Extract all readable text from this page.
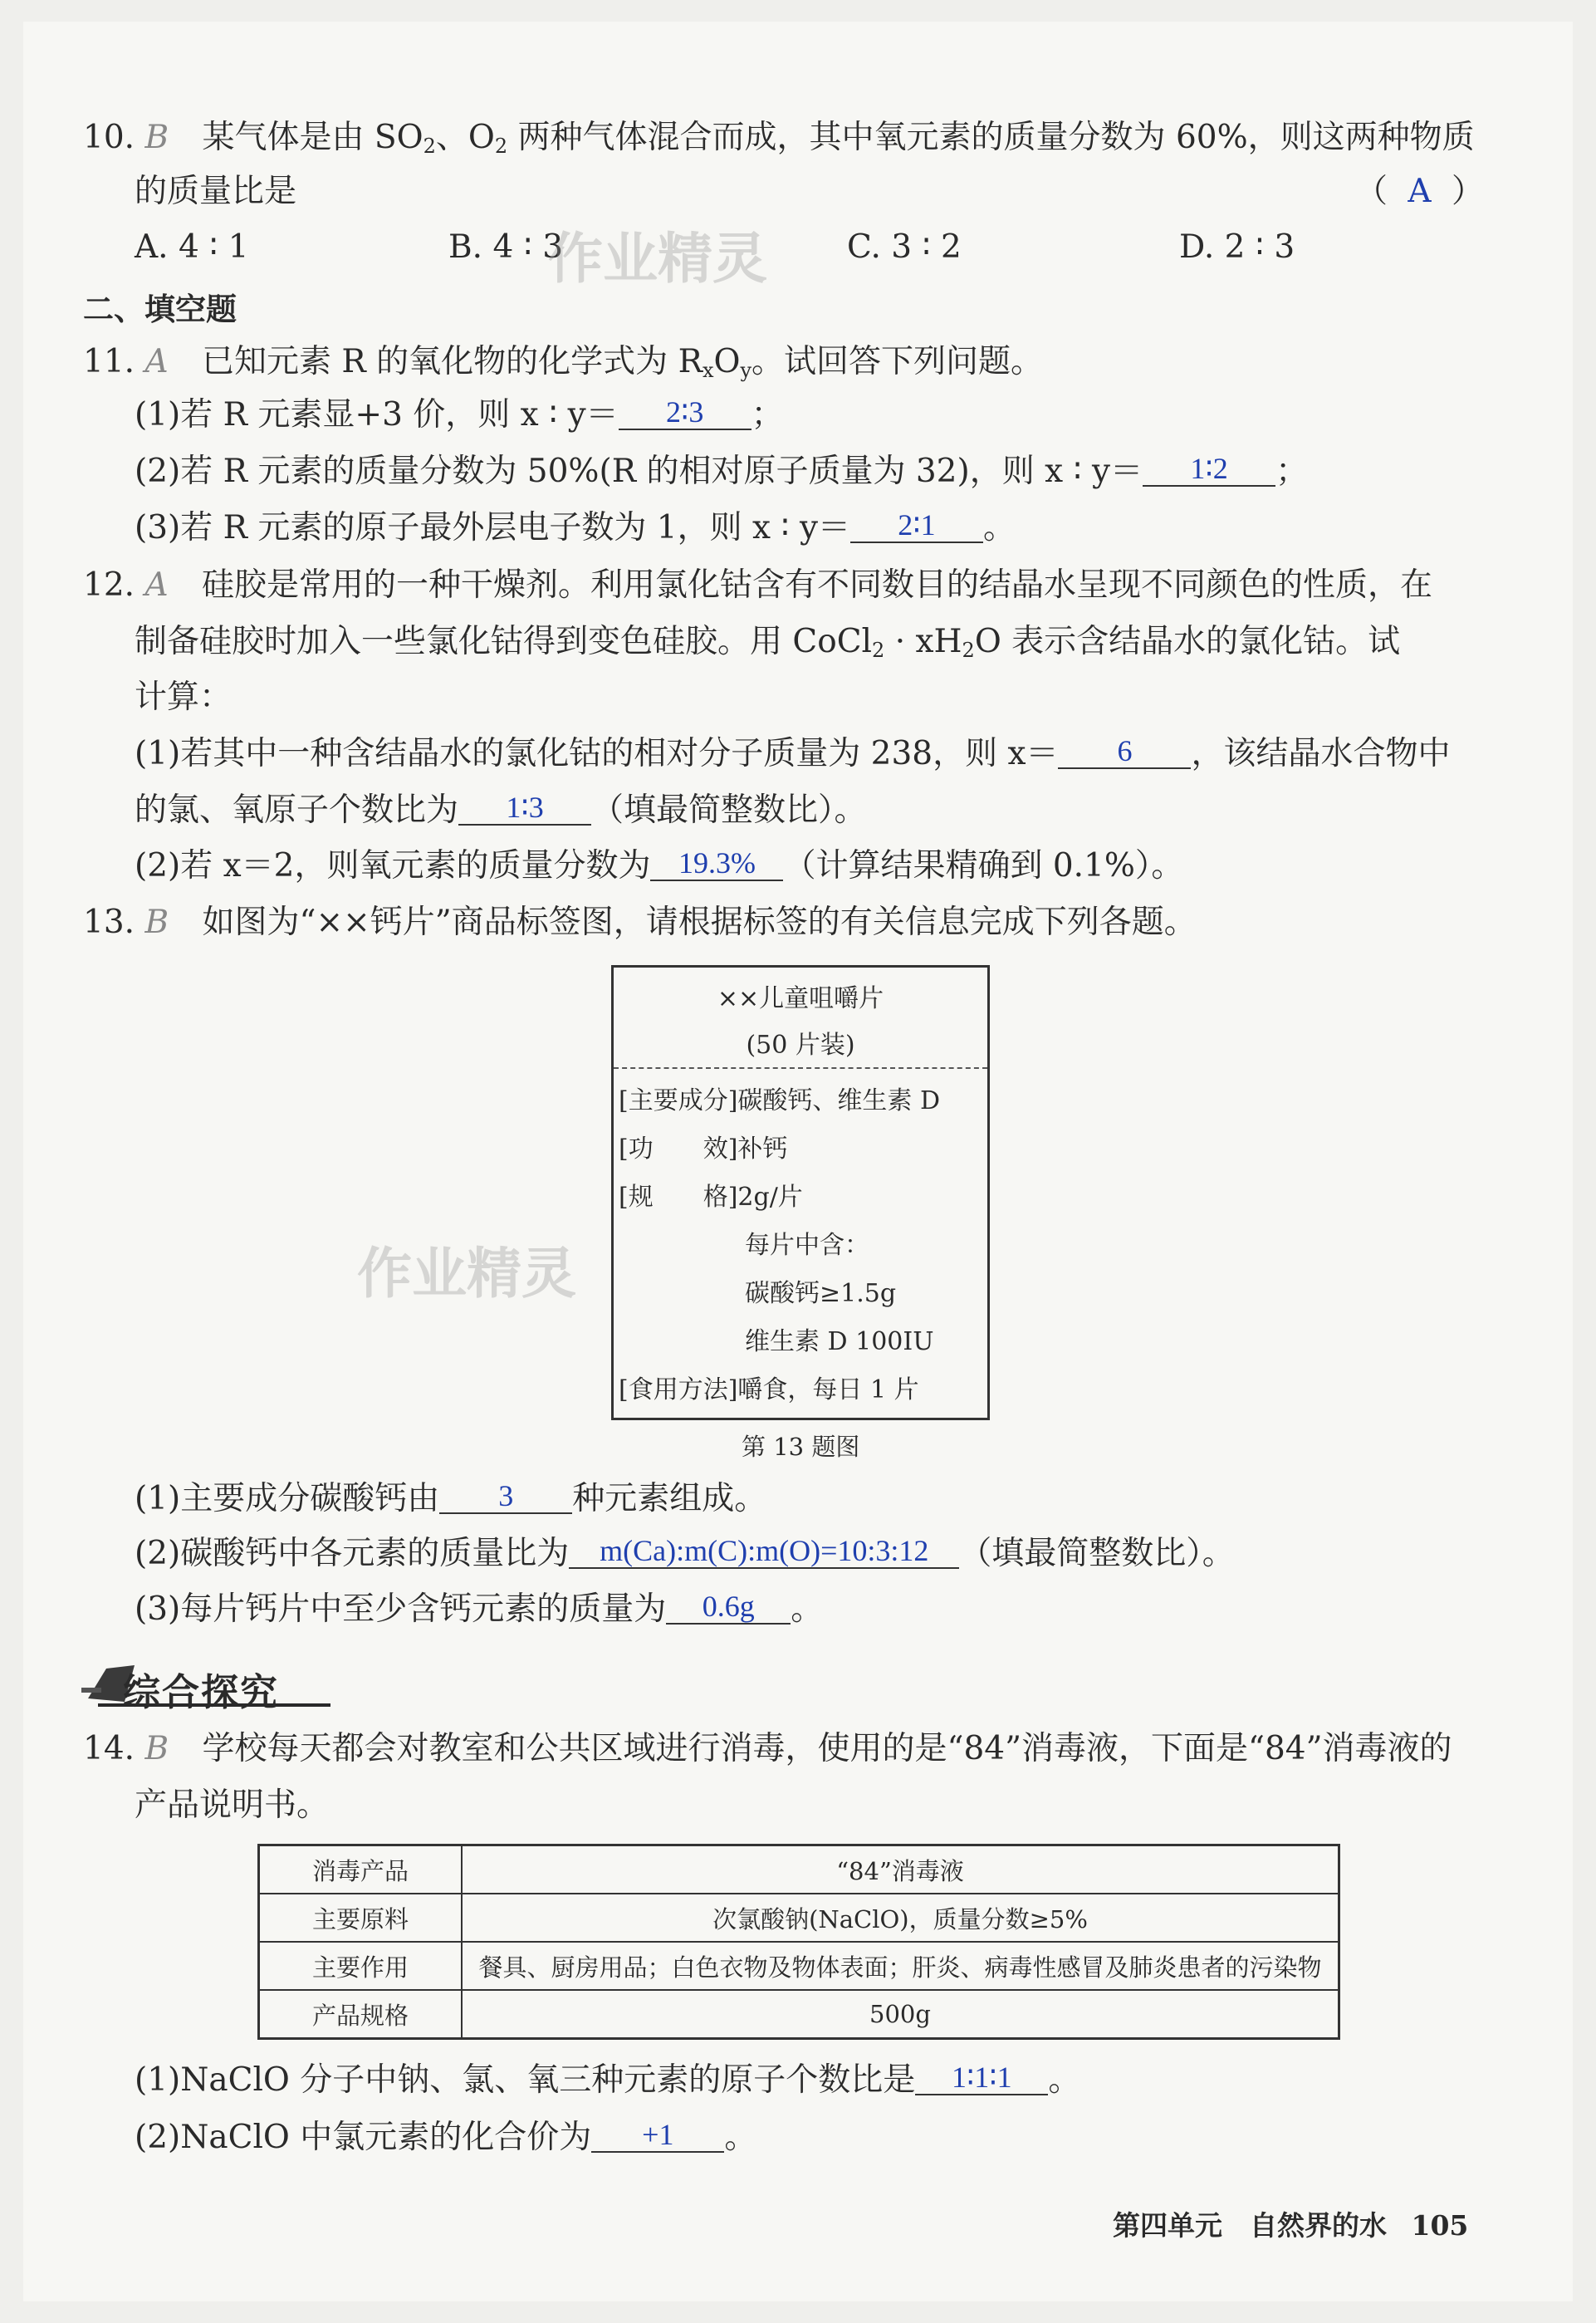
10. B 某气体是由 $SO_2$、$O_2$ 两种气体混合而成，其中氧元素的质量分数为 60%，则这两种物质
的质量比是	（ A ）
A. 4 ∶ 1	B. 4 ∶ 3	C. 3 ∶ 2	D. 2 ∶ 3
作业精灵
二、填空题
11. A 已知元素 R 的氧化物的化学式为 $R_xO_y$。试回答下列问题。
(1)若 R 元素显+3 价，则 x ∶ y＝ 2∶3 ；
(2)若 R 元素的质量分数为 50%(R 的相对原子质量为 32)，则 x ∶ y＝ 1∶2 ；
(3)若 R 元素的原子最外层电子数为 1，则 x ∶ y＝ 2∶1 。
12. A 硅胶是常用的一种干燥剂。利用氯化钴含有不同数目的结晶水呈现不同颜色的性质，在
制备硅胶时加入一些氯化钴得到变色硅胶。用 CoCl$_2$ · $xH_2O$ 表示含结晶水的氯化钴。试
计算：
(1)若其中一种含结晶水的氯化钴的相对分子质量为 238，则 x＝ 6 ，该结晶水合物中
的氯、氧原子个数比为 1∶3 （填最简整数比）。
(2)若 x＝2，则氧元素的质量分数为 19.3% （计算结果精确到 0.1%）。
13. B 如图为“××钙片”商品标签图，请根据标签的有关信息完成下列各题。
××儿童咀嚼片
(50 片装)
[主要成分]碳酸钙、维生素 D
[功　　效]补钙
[规　　格]2g/片
每片中含：
碳酸钙≥1.5g
维生素 D 100IU
[食用方法]嚼食，每日 1 片
作业精灵
第 13 题图
(1)主要成分碳酸钙由 3 种元素组成。
(2)碳酸钙中各元素的质量比为 m(Ca):m(C):m(O)=10:3:12 （填最简整数比）。
(3)每片钙片中至少含钙元素的质量为 0.6g 。
综合探究
14. B 学校每天都会对教室和公共区域进行消毒，使用的是“84”消毒液，下面是“84”消毒液的
产品说明书。
消毒产品	“84”消毒液
主要原料	次氯酸钠(NaClO)，质量分数≥5%
主要作用	餐具、厨房用品；白色衣物及物体表面；肝炎、病毒性感冒及肺炎患者的污染物
产品规格	500g
(1)NaClO 分子中钠、氯、氧三种元素的原子个数比是 1∶1∶1 。
(2)NaClO 中氯元素的化合价为 +1 。
第四单元　自然界的水 105
